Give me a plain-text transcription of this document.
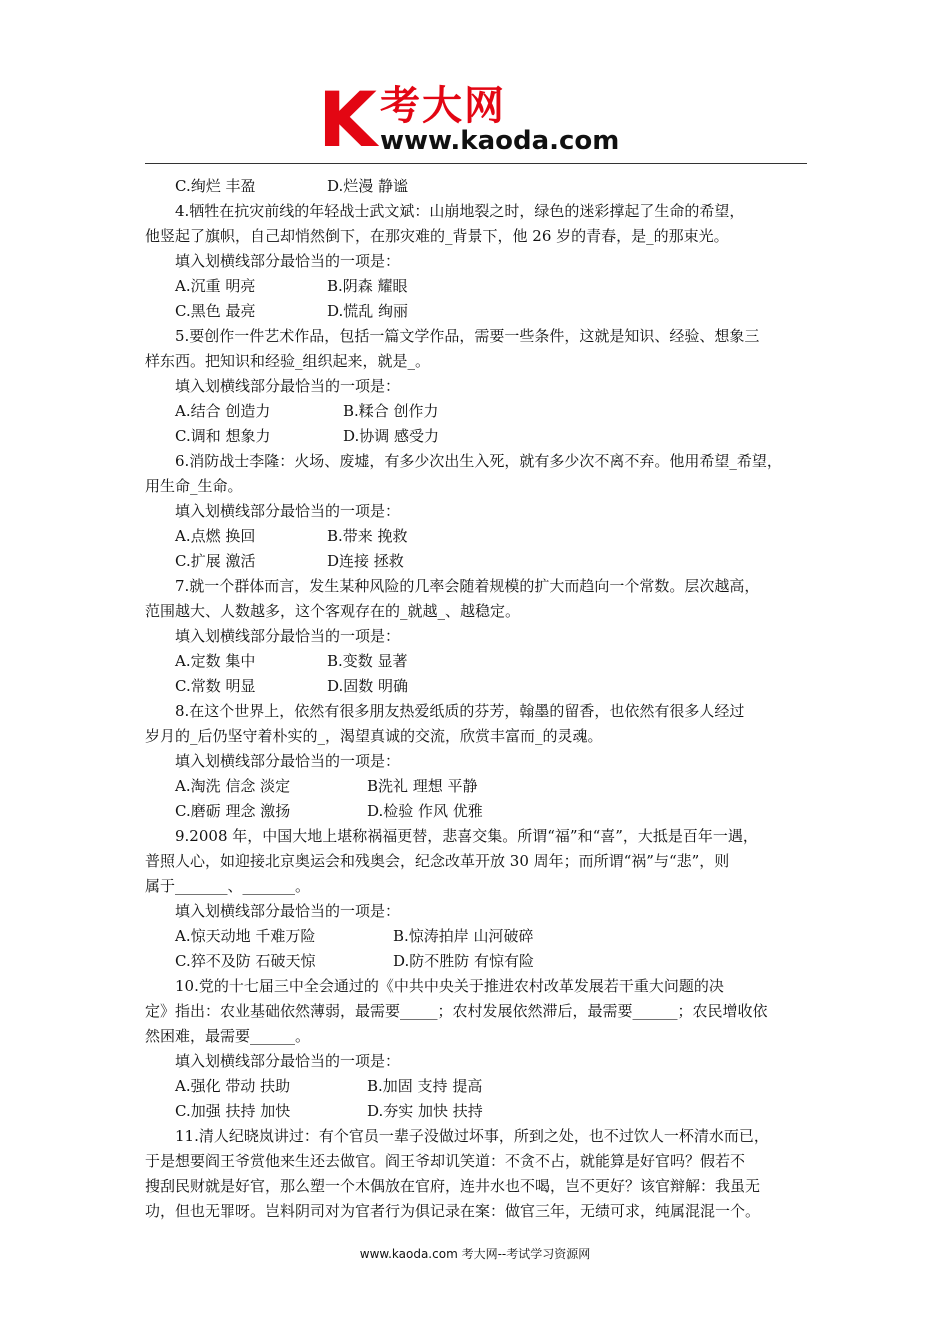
K 考大网
www.kaoda.com
C.绚烂 丰盈	D.烂漫 静谧
4.牺牲在抗灾前线的年轻战士武文斌：山崩地裂之时，绿色的迷彩撑起了生命的希望，
他竖起了旗帜，自己却悄然倒下，在那灾难的_背景下，他 26 岁的青春，是_的那束光。
填入划横线部分最恰当的一项是：
A.沉重 明亮	B.阴森 耀眼
C.黑色 最亮	D.慌乱 绚丽
5.要创作一件艺术作品，包括一篇文学作品，需要一些条件，这就是知识、经验、想象三
样东西。把知识和经验_组织起来，就是_。
填入划横线部分最恰当的一项是：
A.结合 创造力	B.糅合 创作力
C.调和 想象力	D.协调 感受力
6.消防战士李隆：火场、废墟，有多少次出生入死，就有多少次不离不弃。他用希望_希望，
用生命_生命。
填入划横线部分最恰当的一项是：
A.点燃 换回	B.带来 挽救
C.扩展 激活	D连接 拯救
7.就一个群体而言，发生某种风险的几率会随着规模的扩大而趋向一个常数。层次越高，
范围越大、人数越多，这个客观存在的_就越_、越稳定。
填入划横线部分最恰当的一项是：
A.定数 集中	B.变数 显著
C.常数 明显	D.固数 明确
8.在这个世界上，依然有很多朋友热爱纸质的芬芳，翰墨的留香，也依然有很多人经过
岁月的_后仍坚守着朴实的_，渴望真诚的交流，欣赏丰富而_的灵魂。
填入划横线部分最恰当的一项是：
A.淘洗 信念 淡定	B洗礼 理想 平静
C.磨砺 理念 激扬	D.检验 作风 优雅
9.2008 年，中国大地上堪称祸福更替，悲喜交集。所谓“福”和“喜”，大抵是百年一遇，
普照人心，如迎接北京奥运会和残奥会，纪念改革开放 30 周年；而所谓“祸”与“悲”，则
属于_______、_______。
填入划横线部分最恰当的一项是：
A.惊天动地 千难万险	B.惊涛拍岸 山河破碎
C.猝不及防 石破天惊	D.防不胜防 有惊有险
10.党的十七届三中全会通过的《中共中央关于推进农村改革发展若干重大问题的决
定》指出：农业基础依然薄弱，最需要_____；农村发展依然滞后，最需要______；农民增收依
然困难，最需要______。
填入划横线部分最恰当的一项是：
A.强化 带动 扶助	B.加固 支持 提高
C.加强 扶持 加快	D.夯实 加快 扶持
11.清人纪晓岚讲过：有个官员一辈子没做过坏事，所到之处，也不过饮人一杯清水而已，
于是想要阎王爷赏他来生还去做官。阎王爷却讥笑道：不贪不占，就能算是好官吗？假若不
搜刮民财就是好官，那么塑一个木偶放在官府，连井水也不喝，岂不更好？该官辩解：我虽无
功，但也无罪呀。岂料阴司对为官者行为俱记录在案：做官三年，无绩可求，纯属混混一个。
www.kaoda.com 考大网--考试学习资源网
